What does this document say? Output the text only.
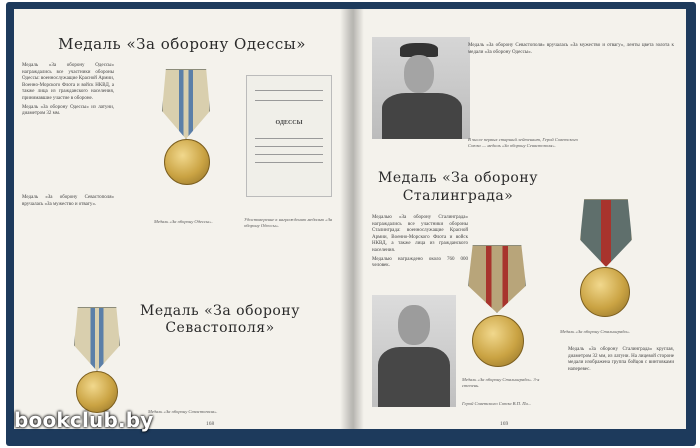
Медаль «За оборону Одессы»

Медаль «За оборону Одессы» награждались все участники обороны Одессы: военнослужащие Красной Армии, Военно-Морского Флота и войск НКВД, а также лица из гражданского населения, принимавшие участие в обороне.

Медаль «За оборону Одессы» из латуни, диаметром 32 мм.

Медаль «За оборону Одессы».
ОДЕССЫ
Удостоверение к награждению медалью «За оборону Одессы».

Медаль «За оборону Севастополя» вручалась «За мужество и отвагу».

Медаль «За оборону Севастополя»
Медаль «За оборону Севастополя».
168
В числе первых старший лейтенант, Герой Советского Союза — медаль «За оборону Севастополя».

Медаль «За оборону Севастополя» вручалась «За мужество и отвагу», ленты цвета золота к медали «За оборону Одессы».

Медаль «За оборону Сталинграда»

Медалью «За оборону Сталинграда» награждались все участники обороны Сталинграда: военнослужащие Красной Армии, Военно-Морского Флота и войск НКВД, а также лица из гражданского населения.

Медалью награждено около 760 000 человек.

Герой Советского Союза В.П. Пи...
Медаль «За оборону Сталинграда». 3-я степень.
Медаль «За оборону Сталинграда».

Медаль «За оборону Сталинграда» круглая, диаметром 32 мм, из латуни. На лицевой стороне медали изображена группа бойцов с винтовками наперевес.

169
bookclub.by
